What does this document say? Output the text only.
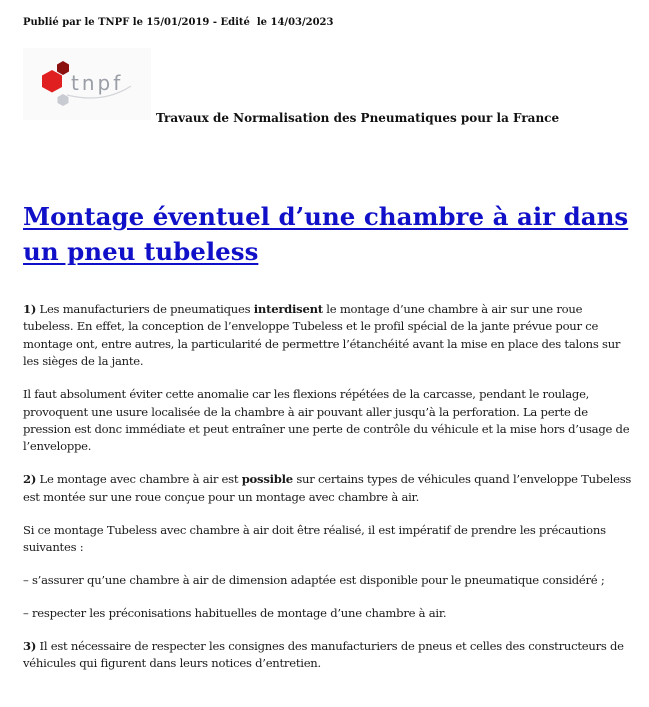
Publié par le TNPF le 15/01/2019 - Edité  le 14/03/2023
tnpf
Travaux de Normalisation des Pneumatiques pour la France
Montage éventuel d’une chambre à air dans un pneu tubeless

1) Les manufacturiers de pneumatiques interdisent le montage d’une chambre à air sur une roue tubeless. En effet, la conception de l’enveloppe Tubeless et le profil spécial de la jante prévue pour ce montage ont, entre autres, la particularité de permettre l’étanchéité avant la mise en place des talons sur les sièges de la jante.

Il faut absolument éviter cette anomalie car les flexions répétées de la carcasse, pendant le roulage, provoquent une usure localisée de la chambre à air pouvant aller jusqu’à la perforation. La perte de pression est donc immédiate et peut entraîner une perte de contrôle du véhicule et la mise hors d’usage de l’enveloppe.

2) Le montage avec chambre à air est possible sur certains types de véhicules quand l’enveloppe Tubeless est montée sur une roue conçue pour un montage avec chambre à air.

Si ce montage Tubeless avec chambre à air doit être réalisé, il est impératif de prendre les précautions suivantes :

– s’assurer qu’une chambre à air de dimension adaptée est disponible pour le pneumatique considéré ;

– respecter les préconisations habituelles de montage d’une chambre à air.

3) Il est nécessaire de respecter les consignes des manufacturiers de pneus et celles des constructeurs de véhicules qui figurent dans leurs notices d’entretien.
